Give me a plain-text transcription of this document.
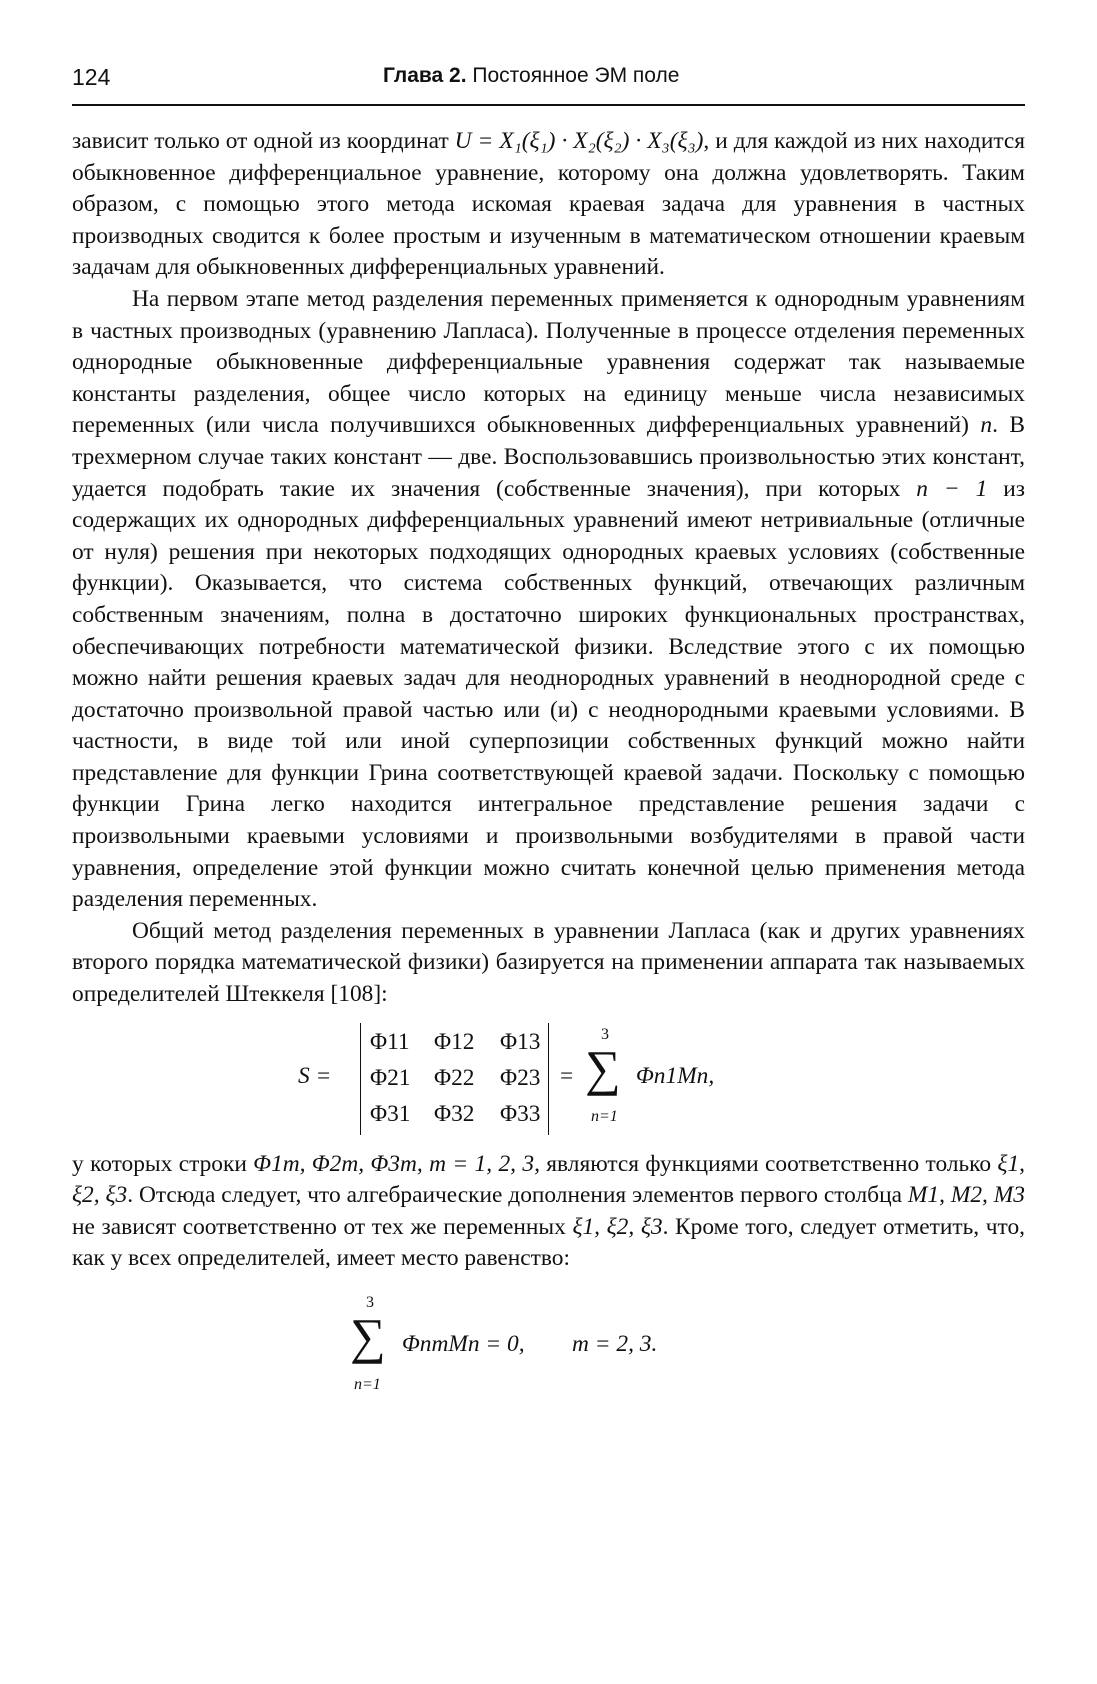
124	Глава 2. Постоянное ЭМ поле

зависит только от одной из координат U = X₁(ξ₁) · X₂(ξ₂) · X₃(ξ₃), и для каждой из них находится обыкновенное дифференциальное уравнение, которому она должна удовлетворять. Таким образом, с помощью этого метода искомая краевая задача для уравнения в частных производных сводится к более простым и изученным в математическом отношении краевым задачам для обыкновенных дифференциальных уравнений.

На первом этапе метод разделения переменных применяется к однородным уравнениям в частных производных (уравнению Лапласа). Полученные в процессе отделения переменных однородные обыкновенные дифференциальные уравнения содержат так называемые константы разделения, общее число которых на единицу меньше числа независимых переменных (или числа получившихся обыкновенных дифференциальных уравнений) n. В трехмерном случае таких констант — две. Воспользовавшись произвольностью этих констант, удается подобрать такие их значения (собственные значения), при которых n − 1 из содержащих их однородных дифференциальных уравнений имеют нетривиальные (отличные от нуля) решения при некоторых подходящих однородных краевых условиях (собственные функции). Оказывается, что система собственных функций, отвечающих различным собственным значениям, полна в достаточно широких функциональных пространствах, обеспечивающих потребности математической физики. Вследствие этого с их помощью можно найти решения краевых задач для неоднородных уравнений в неоднородной среде с достаточно произвольной правой частью или (и) с неоднородными краевыми условиями. В частности, в виде той или иной суперпозиции собственных функций можно найти представление для функции Грина соответствующей краевой задачи. Поскольку с помощью функции Грина легко находится интегральное представление решения задачи с произвольными краевыми условиями и произвольными возбудителями в правой части уравнения, определение этой функции можно считать конечной целью применения метода разделения переменных.

Общий метод разделения переменных в уравнении Лапласа (как и других уравнениях второго порядка математической физики) базируется на применении аппарата так называемых определителей Штеккеля [108]:

S =
Φ11 Φ12 Φ13
Φ21 Φ22 Φ23
Φ31 Φ32 Φ33
=
3
∑
n=1
Φn1Mn,

у которых строки Φ1m, Φ2m, Φ3m, m = 1, 2, 3, являются функциями соответственно только ξ1, ξ2, ξ3. Отсюда следует, что алгебраические дополнения элементов первого столбца M1, M2, M3 не зависят соответственно от тех же переменных ξ1, ξ2, ξ3. Кроме того, следует отметить, что, как у всех определителей, имеет место равенство:

3
∑
n=1
ΦnmMn = 0, m = 2, 3.
